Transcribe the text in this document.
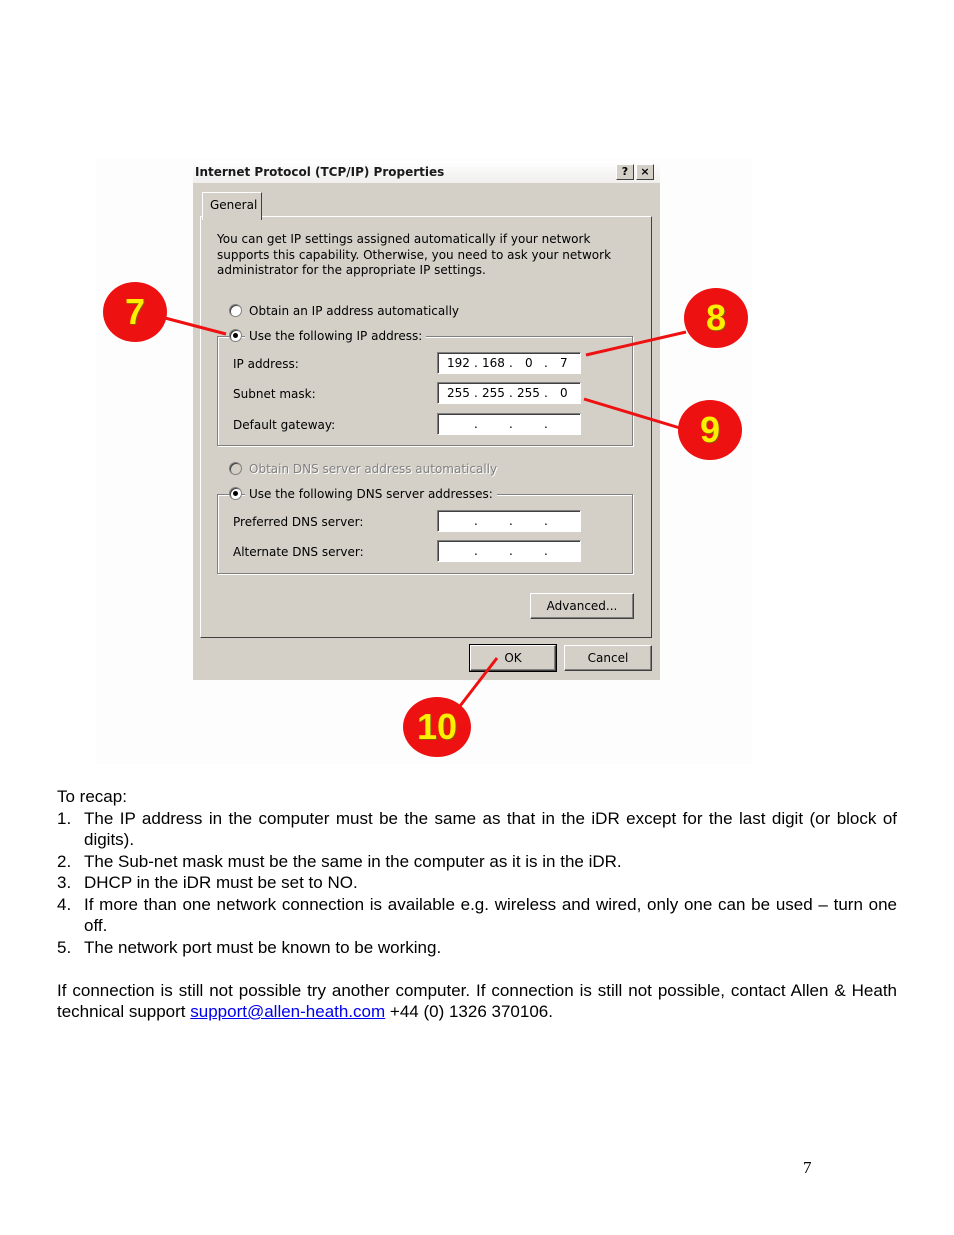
Internet Protocol (TCP/IP) Properties	?	×
General
You can get IP settings assigned automatically if your network supports this capability. Otherwise, you need to ask your network administrator for the appropriate IP settings.
Obtain an IP address automatically
Use the following IP address:
IP address:	192 . 168 . 0 . 7
Subnet mask:	255 . 255 . 255 . 0
Default gateway:	.	.	.
Obtain DNS server address automatically
Use the following DNS server addresses:
Preferred DNS server:	.	.	.
Alternate DNS server:	.	.	.
Advanced...
OK	Cancel
7	8
9
10

To recap:

1. The IP address in the computer must be the same as that in the iDR except for the last digit (or block of digits).
2. The Sub-net mask must be the same in the computer as it is in the iDR.
3. DHCP in the iDR must be set to NO.
4. If more than one network connection is available e.g. wireless and wired, only one can be used – turn one off.
5. The network port must be known to be working.

If connection is still not possible try another computer. If connection is still not possible, contact Allen & Heath technical support support@allen-heath.com +44 (0) 1326 370106.

7
